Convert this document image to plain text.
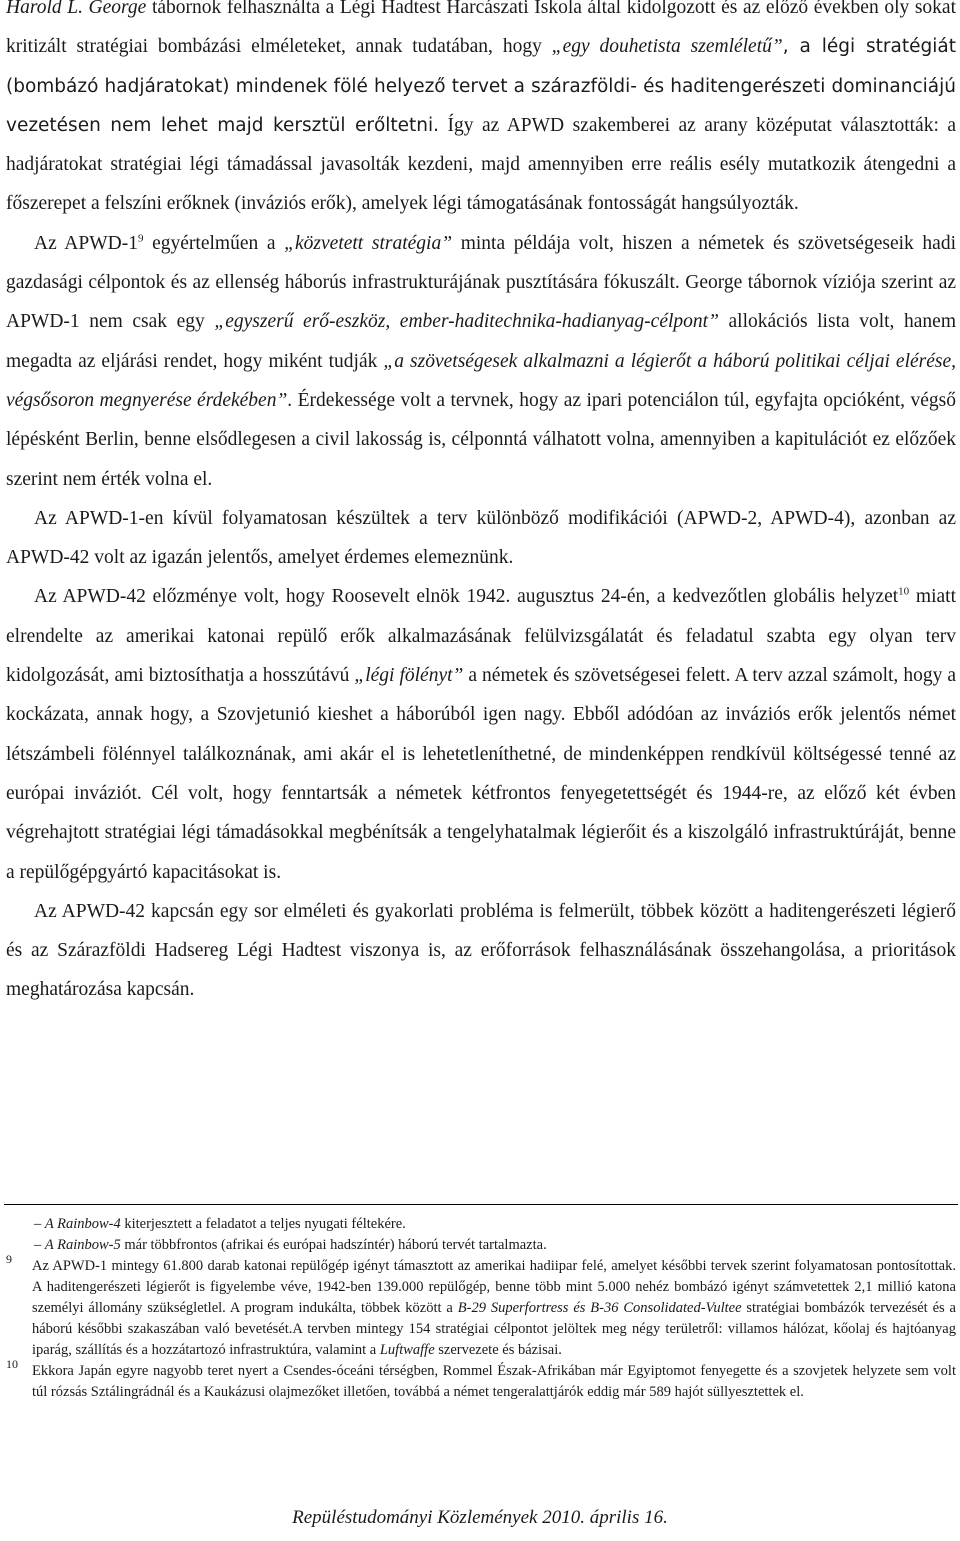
Harold L. George tábornok felhasználta a Légi Hadtest Harcászati Iskola által kidolgozott és az előző években oly sokat kritizált stratégiai bombázási elméleteket, annak tudatában, hogy „egy douhetista szemléletű”, a légi stratégiát (bombázó hadjáratokat) mindenek fölé helyező tervet a szárazföldi- és haditengerészeti dominanciájú vezetésen nem lehet majd kersztül erőltetni. Így az APWD szakemberei az arany középutat választották: a hadjáratokat stratégiai légi támadással javasolták kezdeni, majd amennyiben erre reális esély mutatkozik átengedni a főszerepet a felszíni erőknek (inváziós erők), amelyek légi támogatásának fontosságát hangsúlyozták.

Az APWD-$1^9$ egyértelműen a „közvetett stratégia” minta példája volt, hiszen a németek és szövetségeseik hadi gazdasági célpontok és az ellenség háborús infrastrukturájának pusztítására fókuszált. George tábornok víziója szerint az APWD-1 nem csak egy „egyszerű erő-eszköz, ember-haditechnika-hadianyag-célpont” allokációs lista volt, hanem megadta az eljárási rendet, hogy miként tudják „a szövetségesek alkalmazni a légierőt a háború politikai céljai elérése, végsősoron megnyerése érdekében”. Érdekessége volt a tervnek, hogy az ipari potenciálon túl, egyfajta opcióként, végső lépésként Berlin, benne elsődlegesen a civil lakosság is, célponntá válhatott volna, amennyiben a kapitulációt ez előzőek szerint nem érték volna el.

Az APWD-1-en kívül folyamatosan készültek a terv különböző modifikációi (APWD-2, APWD-4), azonban az APWD-42 volt az igazán jelentős, amelyet érdemes elemeznünk.

Az APWD-42 előzménye volt, hogy Roosevelt elnök 1942. augusztus 24-én, a kedvezőtlen globális helyzet$^{10}$ miatt elrendelte az amerikai katonai repülő erők alkalmazásának felülvizsgálatát és feladatul szabta egy olyan terv kidolgozását, ami biztosíthatja a hosszútávú „légi fölényt” a németek és szövetségesei felett. A terv azzal számolt, hogy a kockázata, annak hogy, a Szovjetunió kieshet a háborúból igen nagy. Ebből adódóan az inváziós erők jelentős német létszámbeli fölénnyel találkoznának, ami akár el is lehetetleníthetné, de mindenképpen rendkívül költségessé tenné az európai inváziót. Cél volt, hogy fenntartsák a németek kétfrontos fenyegetettségét és 1944-re, az előző két évben végrehajtott stratégiai légi támadásokkal megbénítsák a tengelyhatalmak légierőit és a kiszolgáló infrastruktúráját, benne a repülőgépgyártó kapacitásokat is.

Az APWD-42 kapcsán egy sor elméleti és gyakorlati probléma is felmerült, többek között a haditengerészeti légierő és az Szárazföldi Hadsereg Légi Hadtest viszonya is, az erőforrások felhasználásának összehangolása, a prioritások meghatározása kapcsán.

– A Rainbow-4 kiterjesztett a feladatot a teljes nyugati féltekére.
– A Rainbow-5 már többfrontos (afrikai és európai hadszíntér) háború tervét tartalmazta.
9 Az APWD-1 mintegy 61.800 darab katonai repülőgép igényt támasztott az amerikai hadiipar felé, amelyet későbbi tervek szerint folyamatosan pontosítottak. A haditengerészeti légierőt is figyelembe véve, 1942-ben 139.000 repülőgép, benne több mint 5.000 nehéz bombázó igényt számvetettek 2,1 millió katona személyi állomány szükségletlel. A program indukálta, többek között a B-29 Superfortress és B-36 Consolidated-Vultee stratégiai bombázók tervezését és a háború későbbi szakaszában való bevetését.A tervben mintegy 154 stratégiai célpontot jelöltek meg négy területről: villamos hálózat, kőolaj és hajtóanyag iparág, szállítás és a hozzátartozó infrastruktúra, valamint a Luftwaffe szervezete és bázisai.
10 Ekkora Japán egyre nagyobb teret nyert a Csendes-óceáni térségben, Rommel Észak-Afrikában már Egyiptomot fenyegette és a szovjetek helyzete sem volt túl rózsás Sztálingrádnál és a Kaukázusi olajmezőket illetően, továbbá a német tengeralattjárók eddig már 589 hajót süllyesztettek el.
Repüléstudományi Közlemények 2010. április 16.
